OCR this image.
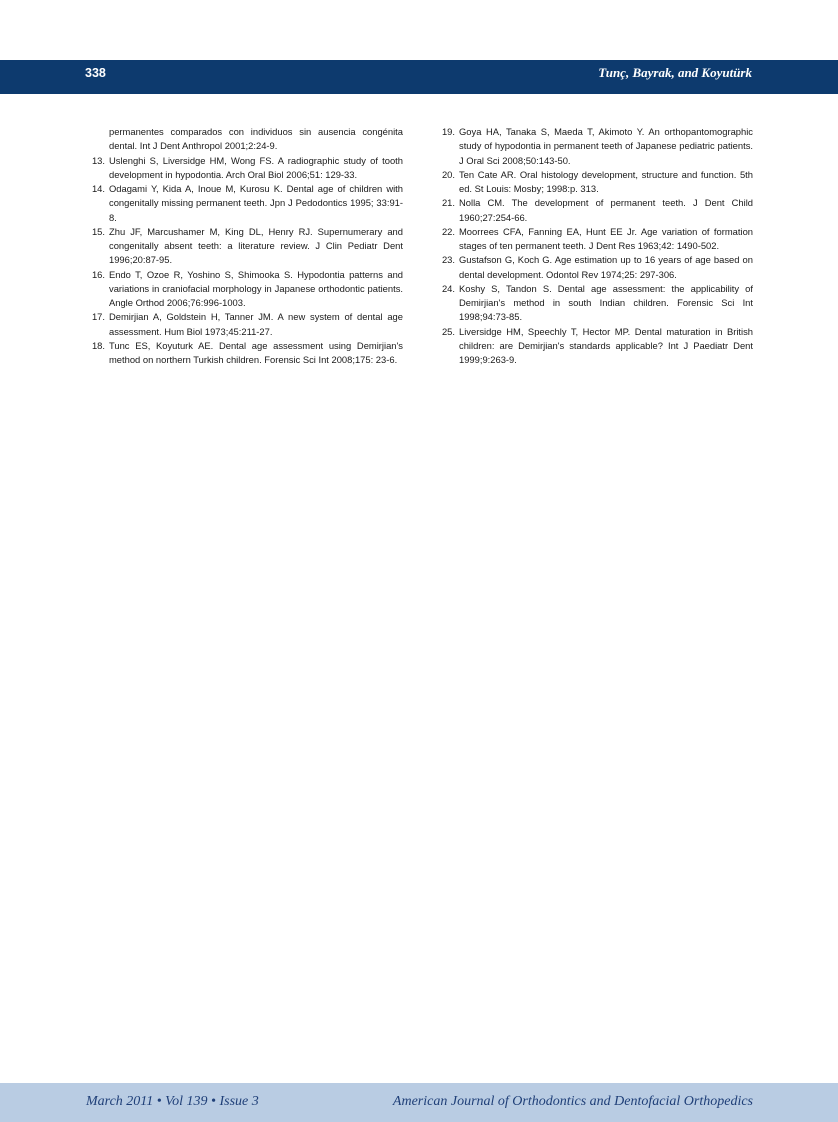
338	Tunç, Bayrak, and Koyutürk
permanentes comparados con individuos sin ausencia congénita dental. Int J Dent Anthropol 2001;2:24-9.
13. Uslenghi S, Liversidge HM, Wong FS. A radiographic study of tooth development in hypodontia. Arch Oral Biol 2006;51: 129-33.
14. Odagami Y, Kida A, Inoue M, Kurosu K. Dental age of children with congenitally missing permanent teeth. Jpn J Pedodontics 1995; 33:91-8.
15. Zhu JF, Marcushamer M, King DL, Henry RJ. Supernumerary and congenitally absent teeth: a literature review. J Clin Pediatr Dent 1996;20:87-95.
16. Endo T, Ozoe R, Yoshino S, Shimooka S. Hypodontia patterns and variations in craniofacial morphology in Japanese orthodontic patients. Angle Orthod 2006;76:996-1003.
17. Demirjian A, Goldstein H, Tanner JM. A new system of dental age assessment. Hum Biol 1973;45:211-27.
18. Tunc ES, Koyuturk AE. Dental age assessment using Demirjian's method on northern Turkish children. Forensic Sci Int 2008;175: 23-6.
19. Goya HA, Tanaka S, Maeda T, Akimoto Y. An orthopantomographic study of hypodontia in permanent teeth of Japanese pediatric patients. J Oral Sci 2008;50:143-50.
20. Ten Cate AR. Oral histology development, structure and function. 5th ed. St Louis: Mosby; 1998:p. 313.
21. Nolla CM. The development of permanent teeth. J Dent Child 1960;27:254-66.
22. Moorrees CFA, Fanning EA, Hunt EE Jr. Age variation of formation stages of ten permanent teeth. J Dent Res 1963;42: 1490-502.
23. Gustafson G, Koch G. Age estimation up to 16 years of age based on dental development. Odontol Rev 1974;25: 297-306.
24. Koshy S, Tandon S. Dental age assessment: the applicability of Demirjian's method in south Indian children. Forensic Sci Int 1998;94:73-85.
25. Liversidge HM, Speechly T, Hector MP. Dental maturation in British children: are Demirjian's standards applicable? Int J Paediatr Dent 1999;9:263-9.
March 2011 • Vol 139 • Issue 3	American Journal of Orthodontics and Dentofacial Orthopedics
